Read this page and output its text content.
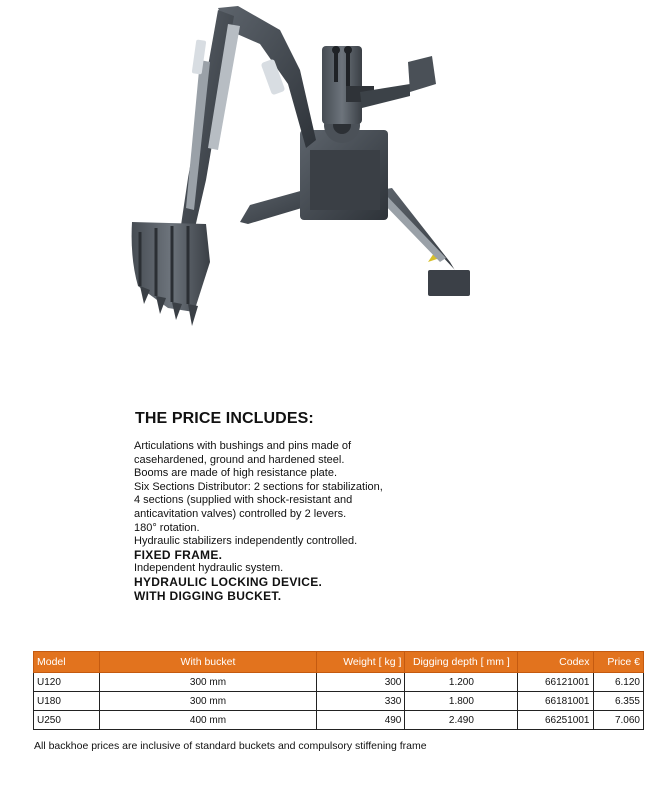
THE PRICE INCLUDES:
Articulations with bushings and pins made of
casehardened, ground and hardened steel.
Booms are made of high resistance plate.
Six Sections Distributor: 2 sections for stabilization,
4 sections (supplied with shock-resistant and
anticavitation valves) controlled by 2 levers.
180° rotation.
Hydraulic stabilizers independently controlled.
FIXED FRAME.
Independent hydraulic system.
HYDRAULIC LOCKING DEVICE.
WITH DIGGING BUCKET.
Model	With bucket	Weight [ kg ]	Digging depth [ mm ]	Codex	Price €
U120	300 mm	300	1.200	66121001	6.120
U180	300 mm	330	1.800	66181001	6.355
U250	400 mm	490	2.490	66251001	7.060

All backhoe prices are inclusive of standard buckets and compulsory stiffening frame
